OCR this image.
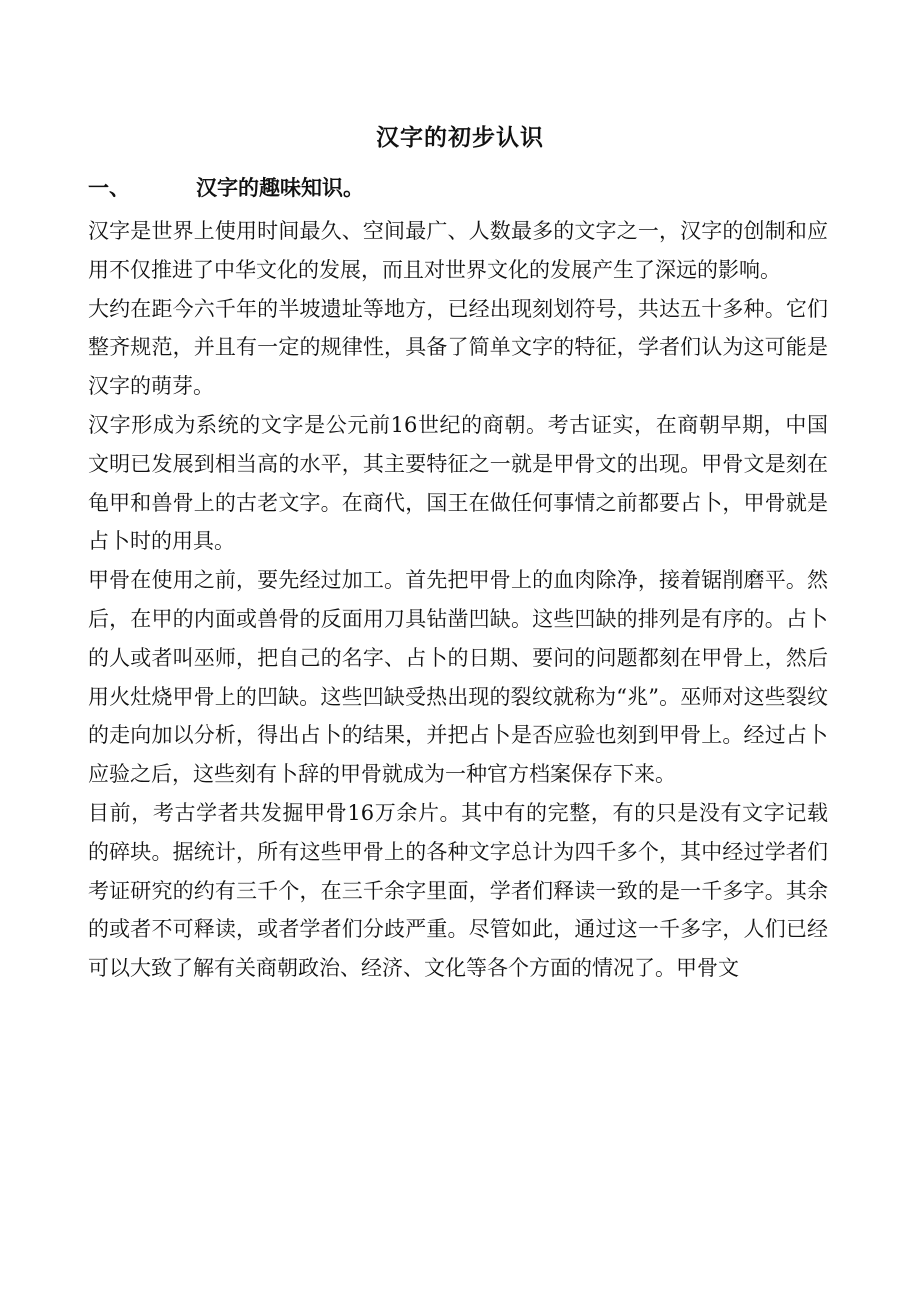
汉字的初步认识
一、	汉字的趣味知识。

汉字是世界上使用时间最久、空间最广、人数最多的文字之一，汉字的创制和应用不仅推进了中华文化的发展，而且对世界文化的发展产生了深远的影响。

大约在距今六千年的半坡遗址等地方，已经出现刻划符号，共达五十多种。它们整齐规范，并且有一定的规律性，具备了简单文字的特征，学者们认为这可能是汉字的萌芽。

汉字形成为系统的文字是公元前16世纪的商朝。考古证实，在商朝早期，中国文明已发展到相当高的水平，其主要特征之一就是甲骨文的出现。甲骨文是刻在龟甲和兽骨上的古老文字。在商代，国王在做任何事情之前都要占卜，甲骨就是占卜时的用具。

甲骨在使用之前，要先经过加工。首先把甲骨上的血肉除净，接着锯削磨平。然后，在甲的内面或兽骨的反面用刀具钻凿凹缺。这些凹缺的排列是有序的。占卜的人或者叫巫师，把自己的名字、占卜的日期、要问的问题都刻在甲骨上，然后用火灶烧甲骨上的凹缺。这些凹缺受热出现的裂纹就称为“兆”。巫师对这些裂纹的走向加以分析，得出占卜的结果，并把占卜是否应验也刻到甲骨上。经过占卜应验之后，这些刻有卜辞的甲骨就成为一种官方档案保存下来。

目前，考古学者共发掘甲骨16万余片。其中有的完整，有的只是没有文字记载的碎块。据统计，所有这些甲骨上的各种文字总计为四千多个，其中经过学者们考证研究的约有三千个，在三千余字里面，学者们释读一致的是一千多字。其余的或者不可释读，或者学者们分歧严重。尽管如此，通过这一千多字，人们已经可以大致了解有关商朝政治、经济、文化等各个方面的情况了。甲骨文
